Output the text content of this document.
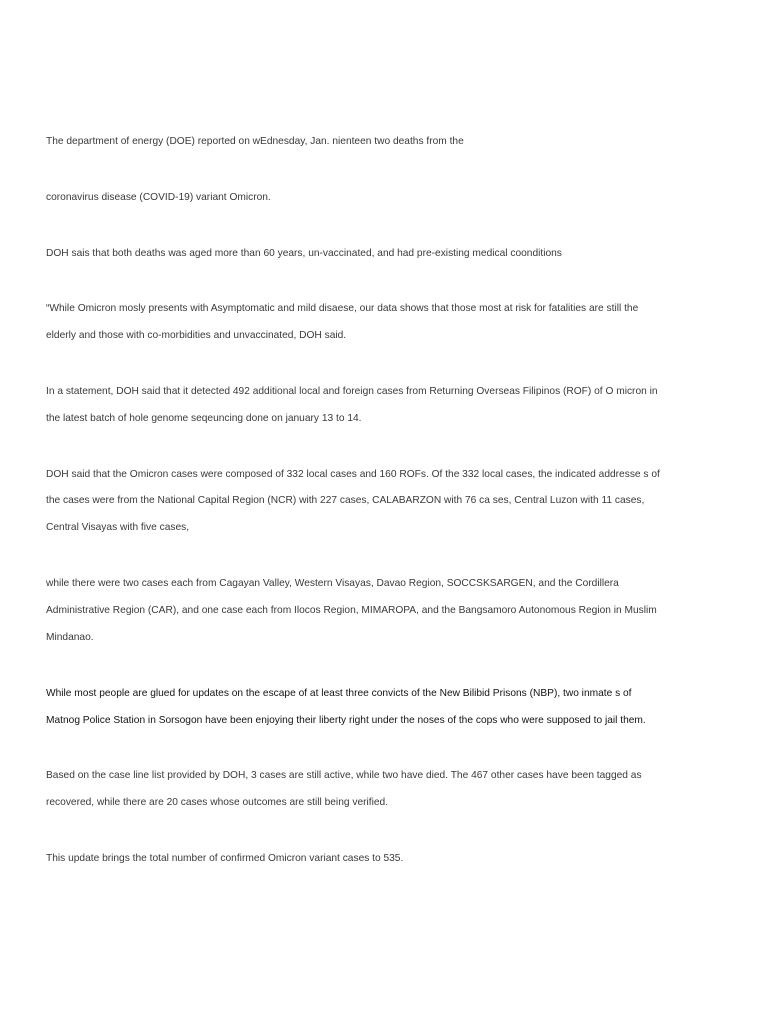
The department of energy (DOE) reported on wEdnesday, Jan. nienteen two deaths from the

coronavirus disease (COVID-19) variant Omicron.

DOH sais that both deaths was aged more than 60 years, un-vaccinated, and had pre-existing medical coonditions

“While Omicron mosly presents with Asymptomatic and mild disaese, our data shows that those most at risk for fatalities are still the

elderly and those with co-morbidities and unvaccinated, DOH said.

In a statement, DOH said that it detected 492 additional local and foreign cases from Returning Overseas Filipinos (ROF) of O micron in

the latest batch of hole genome seqeuncing done on january 13 to 14.

DOH said that the Omicron cases were composed of 332 local cases and 160 ROFs. Of the 332 local cases, the indicated addresse s of

the cases were from the National Capital Region (NCR) with 227 cases, CALABARZON with 76 ca ses, Central Luzon with 11 cases,

Central Visayas with five cases,

while there were two cases each from Cagayan Valley, Western Visayas, Davao Region, SOCCSKSARGEN, and the Cordillera

Administrative Region (CAR), and one case each from Ilocos Region, MIMAROPA, and the Bangsamoro Autonomous Region in Muslim

Mindanao.

While most people are glued for updates on the escape of at least three convicts of the New Bilibid Prisons (NBP), two inmate s of

Matnog Police Station in Sorsogon have been enjoying their liberty right under the noses of the cops who were supposed to jail them.

Based on the case line list provided by DOH, 3 cases are still active, while two have died. The 467 other cases have been tagged as

recovered, while there are 20 cases whose outcomes are still being verified.

This update brings the total number of confirmed Omicron variant cases to 535.
